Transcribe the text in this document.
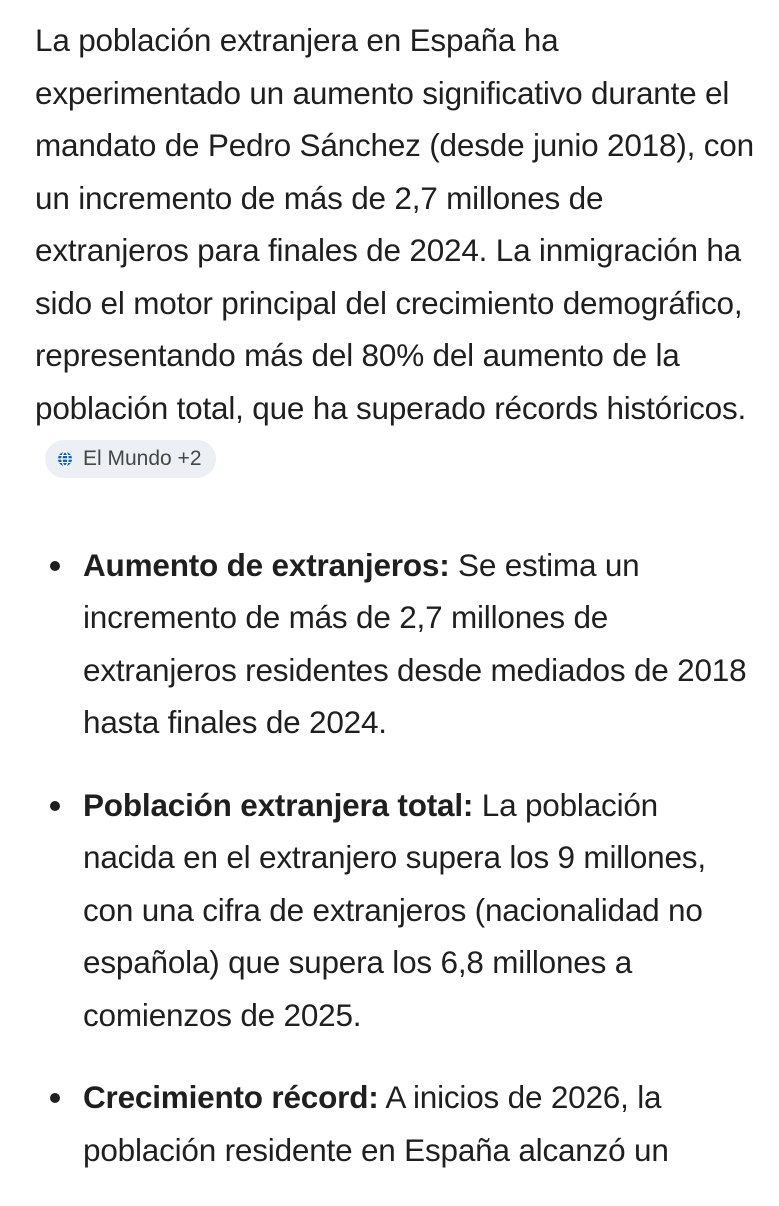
La población extranjera en España ha experimentado un aumento significativo durante el mandato de Pedro Sánchez (desde junio 2018), con un incremento de más de 2,7 millones de extranjeros para finales de 2024. La inmigración ha sido el motor principal del crecimiento demográfico, representando más del 80% del aumento de la población total, que ha superado récords históricos.
El Mundo +2

Aumento de extranjeros: Se estima un incremento de más de 2,7 millones de extranjeros residentes desde mediados de 2018 hasta finales de 2024.
Población extranjera total: La población nacida en el extranjero supera los 9 millones, con una cifra de extranjeros (nacionalidad no española) que supera los 6,8 millones a comienzos de 2025.
Crecimiento récord: A inicios de 2026, la población residente en España alcanzó un
